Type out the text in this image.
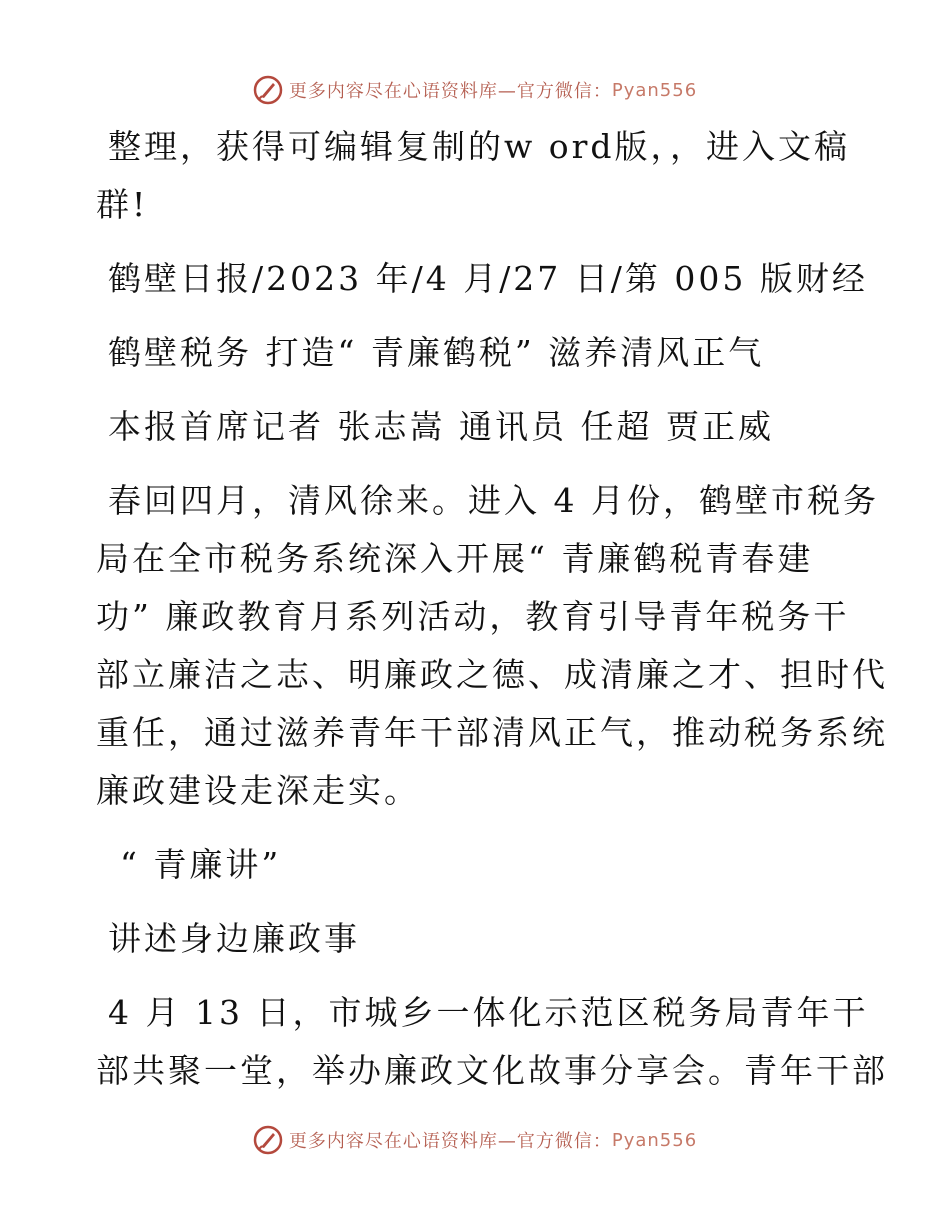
更多内容尽在心语资料库—官方微信： Pyan556
整理，获得可编辑复制的w ord版，，进入文稿
群!
鹤壁日报/2023 年/4 月/27 日/第 005 版财经
鹤壁税务 打造“ 青廉鹤税” 滋养清风正气
本报首席记者 张志嵩 通讯员 任超 贾正威
春回四月，清风徐来。进入 4 月份，鹤壁市税务
局在全市税务系统深入开展“ 青廉鹤税青春建
功” 廉政教育月系列活动，教育引导青年税务干
部立廉洁之志、明廉政之德、成清廉之才、担时代
重任，通过滋养青年干部清风正气，推动税务系统
廉政建设走深走实。
“ 青廉讲”
讲述身边廉政事
4 月 13 日，市城乡一体化示范区税务局青年干
部共聚一堂，举办廉政文化故事分享会。青年干部
更多内容尽在心语资料库—官方微信： Pyan556
